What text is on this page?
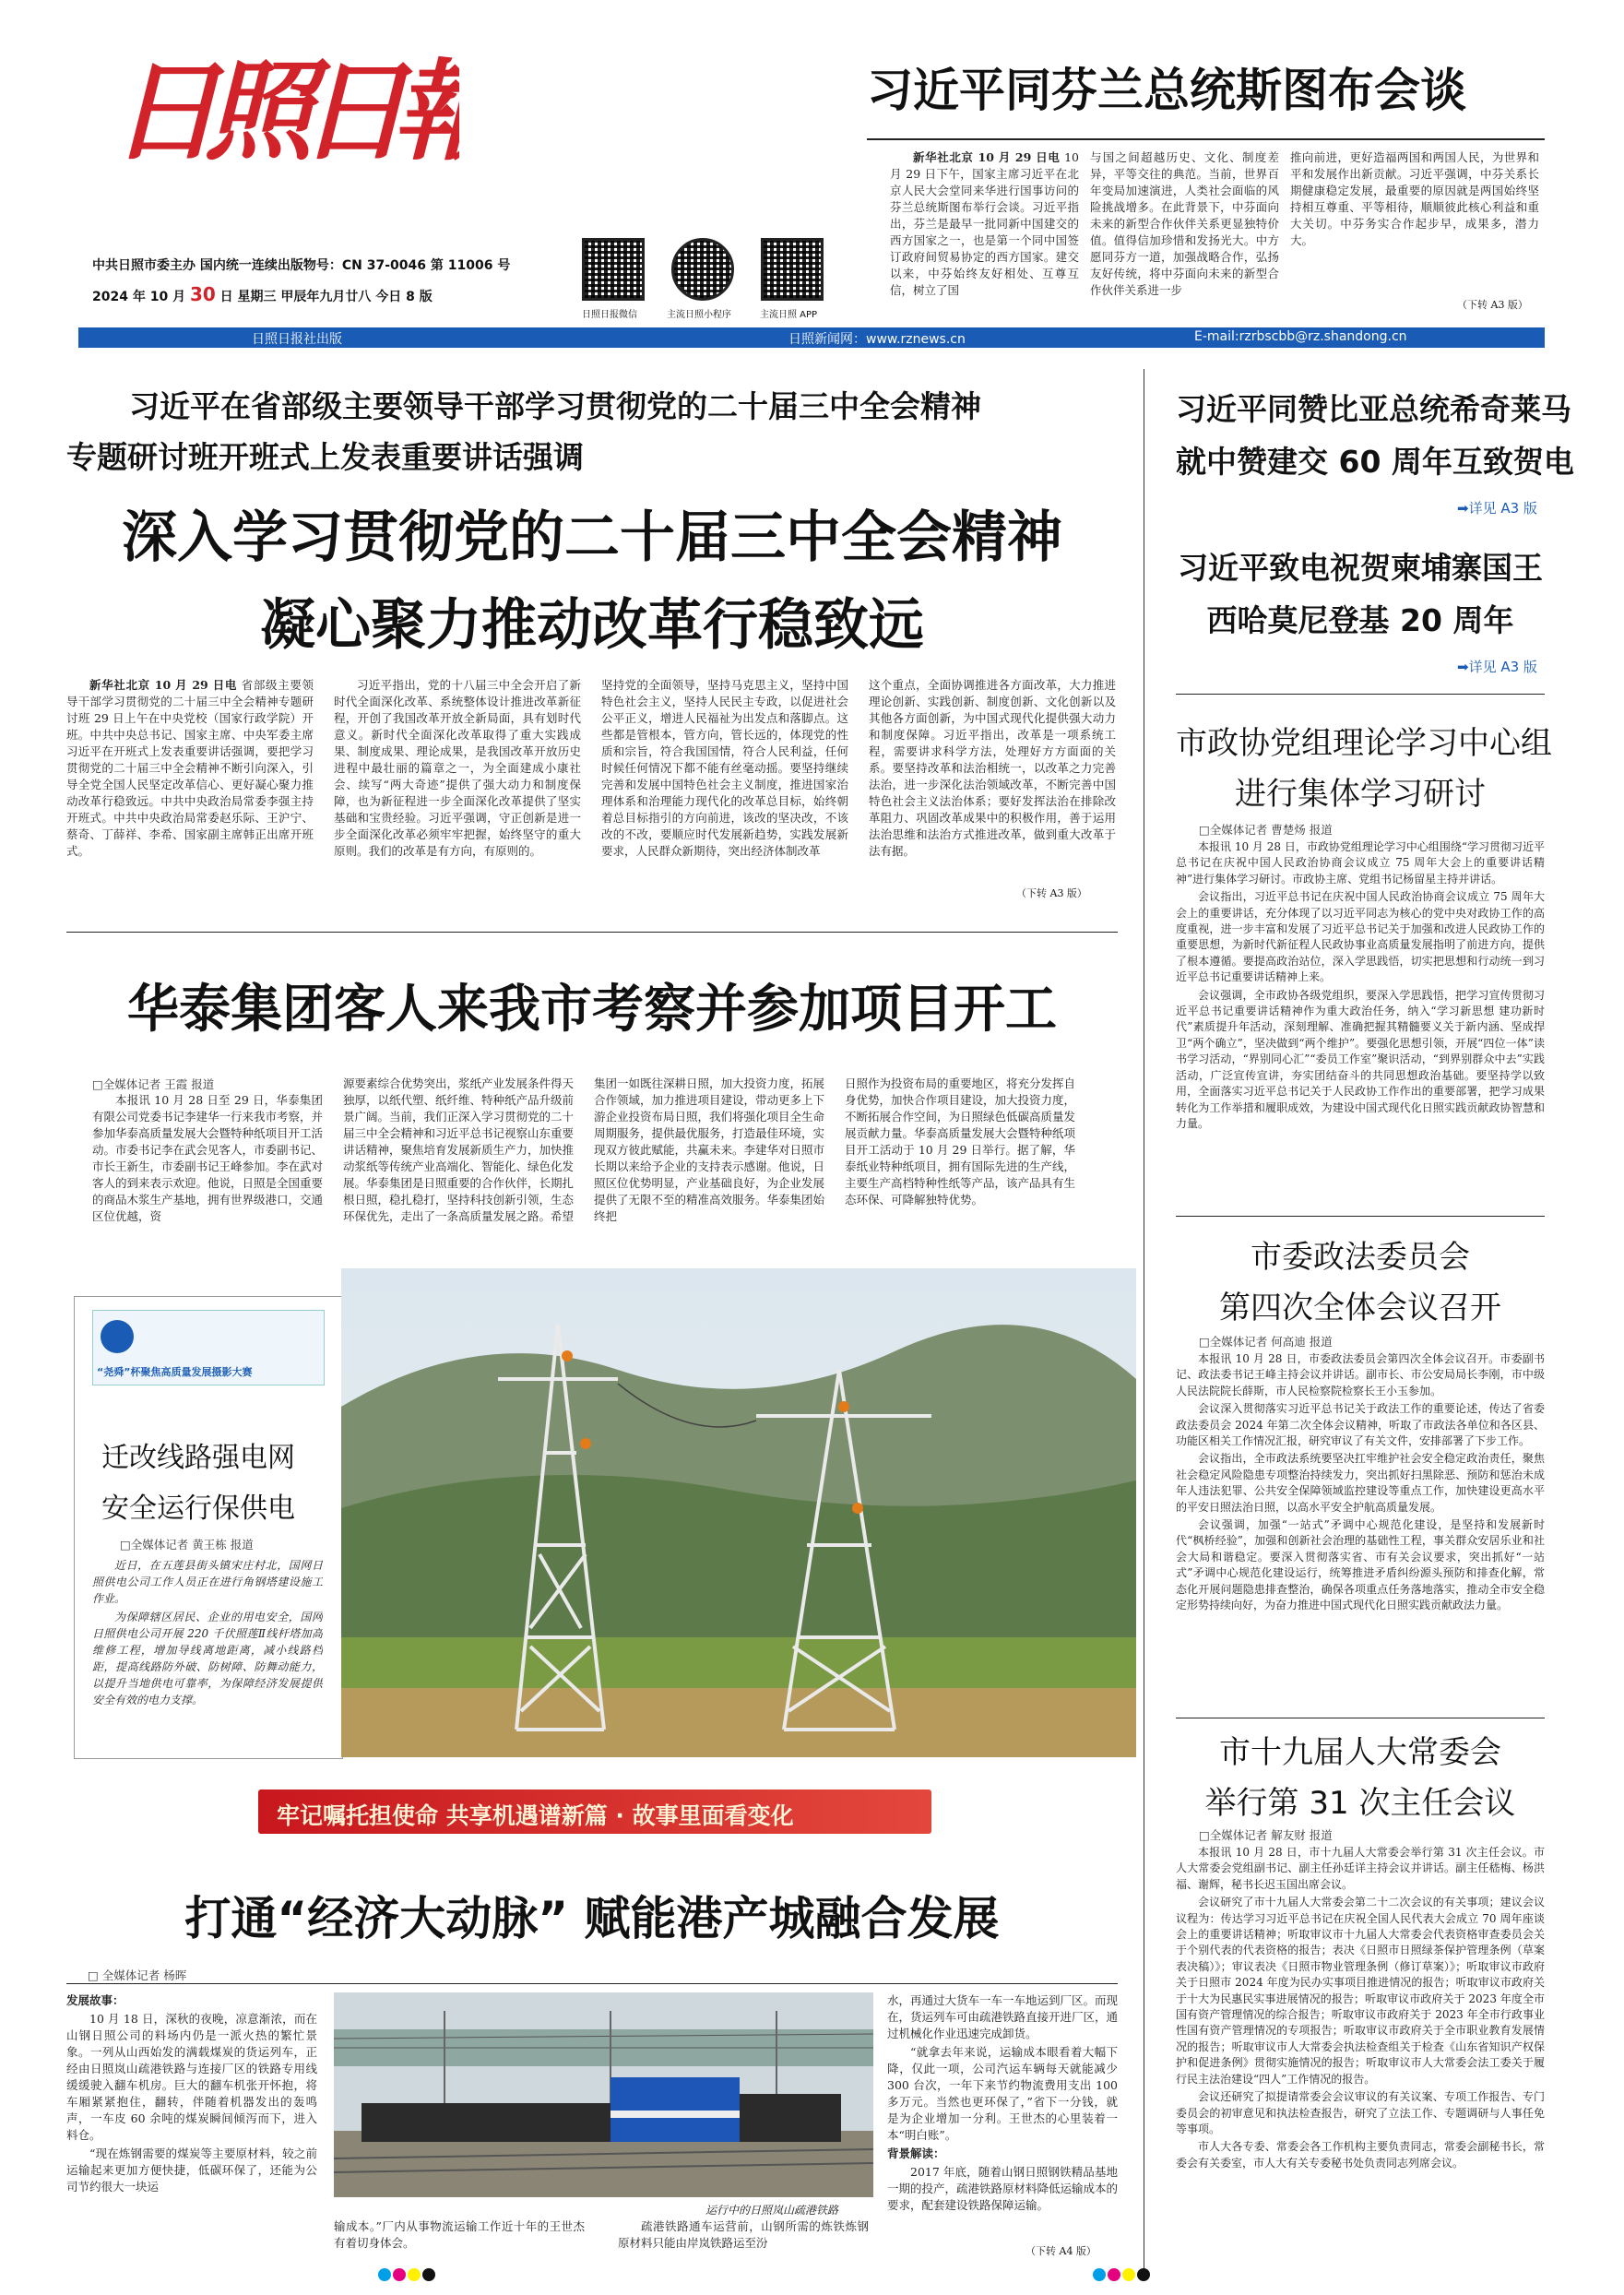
日照日報
中共日照市委主办 国内统一连续出版物号：CN 37-0046 第 11006 号
2024 年 10 月 30 日 星期三 甲辰年九月廿八 今日 8 版
日照日报微信	主流日照小程序	主流日照 APP
习近平同芬兰总统斯图布会谈

新华社北京 10 月 29 日电 10 月 29 日下午，国家主席习近平在北京人民大会堂同来华进行国事访问的芬兰总统斯图布举行会谈。习近平指出，芬兰是最早一批同新中国建交的西方国家之一，也是第一个同中国签订政府间贸易协定的西方国家。建交以来，中芬始终友好相处、互尊互信，树立了国

与国之间超越历史、文化、制度差异，平等交往的典范。当前，世界百年变局加速演进，人类社会面临的风险挑战增多。在此背景下，中芬面向未来的新型合作伙伴关系更显独特价值。值得信加珍惜和发扬光大。中方愿同芬方一道，加强战略合作，弘扬友好传统，将中芬面向未来的新型合作伙伴关系进一步

推向前进，更好造福两国和两国人民，为世界和平和发展作出新贡献。习近平强调，中芬关系长期健康稳定发展，最重要的原因就是两国始终坚持相互尊重、平等相待，顺顺彼此核心利益和重大关切。中芬务实合作起步早，成果多，潜力大。

（下转 A3 版）
日照日报社出版	日照新闻网：www.rznews.cn	E-mail:rzrbscbb@rz.shandong.cn
习近平在省部级主要领导干部学习贯彻党的二十届三中全会精神
专题研讨班开班式上发表重要讲话强调
深入学习贯彻党的二十届三中全会精神
凝心聚力推动改革行稳致远

新华社北京 10 月 29 日电 省部级主要领导干部学习贯彻党的二十届三中全会精神专题研讨班 29 日上午在中央党校（国家行政学院）开班。中共中央总书记、国家主席、中央军委主席习近平在开班式上发表重要讲话强调，要把学习贯彻党的二十届三中全会精神不断引向深入，引导全党全国人民坚定改革信心、更好凝心聚力推动改革行稳致远。中共中央政治局常委李强主持开班式。中共中央政治局常委赵乐际、王沪宁、蔡奇、丁薛祥、李希、国家副主席韩正出席开班式。

习近平指出，党的十八届三中全会开启了新时代全面深化改革、系统整体设计推进改革新征程，开创了我国改革开放全新局面，具有划时代意义。新时代全面深化改革取得了重大实践成果、制度成果、理论成果，是我国改革开放历史进程中最壮丽的篇章之一，为全面建成小康社会、续写“两大奇迹”提供了强大动力和制度保障，也为新征程进一步全面深化改革提供了坚实基础和宝贵经验。习近平强调，守正创新是进一步全面深化改革必须牢牢把握，始终坚守的重大原则。我们的改革是有方向，有原则的。

坚持党的全面领导，坚持马克思主义，坚持中国特色社会主义，坚持人民民主专政，以促进社会公平正义，增进人民福祉为出发点和落脚点。这些都是管根本，管方向，管长远的，体现党的性质和宗旨，符合我国国情，符合人民利益，任何时候任何情况下都不能有丝毫动摇。要坚持继续完善和发展中国特色社会主义制度，推进国家治理体系和治理能力现代化的改革总目标，始终朝着总目标指引的方向前进，该改的坚决改，不该改的不改，要顺应时代发展新趋势，实践发展新要求，人民群众新期待，突出经济体制改革

这个重点，全面协调推进各方面改革，大力推进理论创新、实践创新、制度创新、文化创新以及其他各方面创新，为中国式现代化提供强大动力和制度保障。习近平指出，改革是一项系统工程，需要讲求科学方法，处理好方方面面的关系。要坚持改革和法治相统一，以改革之力完善法治，进一步深化法治领域改革，不断完善中国特色社会主义法治体系；要好发挥法治在排除改革阻力、巩固改革成果中的积极作用，善于运用法治思维和法治方式推进改革，做到重大改革于法有据。

（下转 A3 版）
习近平同赞比亚总统希奇莱马
就中赞建交 60 周年互致贺电
➡详见 A3 版
习近平致电祝贺柬埔寨国王
西哈莫尼登基 20 周年
➡详见 A3 版
市政协党组理论学习中心组
进行集体学习研讨
□全媒体记者 曹楚炀 报道

本报讯 10 月 28 日，市政协党组理论学习中心组围绕“学习贯彻习近平总书记在庆祝中国人民政治协商会议成立 75 周年大会上的重要讲话精神”进行集体学习研讨。市政协主席、党组书记杨留星主持并讲话。

会议指出，习近平总书记在庆祝中国人民政治协商会议成立 75 周年大会上的重要讲话，充分体现了以习近平同志为核心的党中央对政协工作的高度重视，进一步丰富和发展了习近平总书记关于加强和改进人民政协工作的重要思想，为新时代新征程人民政协事业高质量发展指明了前进方向，提供了根本遵循。要提高政治站位，深入学思践悟，切实把思想和行动统一到习近平总书记重要讲话精神上来。

会议强调，全市政协各级党组织，要深入学思践悟，把学习宣传贯彻习近平总书记重要讲话精神作为重大政治任务，纳入“学习新思想 建功新时代”素质提升年活动，深刻理解、准确把握其精髓要义关于新内涵、坚成捍卫“两个确立”，坚决做到“两个维护”。要强化思想引领，开展“四位一体”读书学习活动，“界别同心汇”“委员工作室”聚识活动，“到界别群众中去”实践活动，广泛宣传宣讲，夯实团结奋斗的共同思想政治基础。要坚持学以致用，全面落实习近平总书记关于人民政协工作作出的重要部署，把学习成果转化为工作举措和履职成效，为建设中国式现代化日照实践贡献政协智慧和力量。

市委政法委员会
第四次全体会议召开
□全媒体记者 何高迪 报道

本报讯 10 月 28 日，市委政法委员会第四次全体会议召开。市委副书记、政法委书记王峰主持会议并讲话。副市长、市公安局局长李刚，市中级人民法院院长薛斯，市人民检察院检察长王小玉参加。

会议深入贯彻落实习近平总书记关于政法工作的重要论述，传达了省委政法委员会 2024 年第二次全体会议精神，听取了市政法各单位和各区县、功能区相关工作情况汇报，研究审议了有关文件，安排部署了下步工作。

会议指出，全市政法系统要坚决扛牢维护社会安全稳定政治责任，聚焦社会稳定风险隐患专项整治持续发力，突出抓好扫黑除恶、预防和惩治未成年人违法犯罪、公共安全保障领域监控建设等重点工作，加快建设更高水平的平安日照法治日照，以高水平安全护航高质量发展。

会议强调，加强“一站式”矛调中心规范化建设，是坚持和发展新时代“枫桥经验”，加强和创新社会治理的基础性工程，事关群众安居乐业和社会大局和谐稳定。要深入贯彻落实省、市有关会议要求，突出抓好“一站式”矛调中心规范化建设运行，统筹推进矛盾纠纷源头预防和排查化解，常态化开展问题隐患排查整治，确保各项重点任务落地落实，推动全市安全稳定形势持续向好，为奋力推进中国式现代化日照实践贡献政法力量。

市十九届人大常委会
举行第 31 次主任会议
□全媒体记者 解友财 报道

本报讯 10 月 28 日，市十九届人大常委会举行第 31 次主任会议。市人大常委会党组副书记、副主任孙廷详主持会议并讲话。副主任嵇梅、杨洪福、谢辉，秘书长迟玉国出席会议。

会议研究了市十九届人大常委会第二十二次会议的有关事项；建议会议议程为：传达学习习近平总书记在庆祝全国人民代表大会成立 70 周年座谈会上的重要讲话精神；听取审议市十九届人大常委会代表资格审查委员会关于个别代表的代表资格的报告；表决《日照市日照绿茶保护管理条例（草案表决稿）》；审议表决《日照市物业管理条例（修订草案）》；听取审议市政府关于日照市 2024 年度为民办实事项目推进情况的报告；听取审议市政府关于十大为民惠民实事进展情况的报告；听取审议市政府关于 2023 年度全市国有资产管理情况的综合报告；听取审议市政府关于 2023 年全市行政事业性国有资产管理情况的专项报告；听取审议市政府关于全市职业教育发展情况的报告；听取审议市人大常委会执法检查组关于检查《山东省知识产权保护和促进条例》贯彻实施情况的报告；听取审议市人大常委会法工委关于履行民主法治建设“四人”工作情况的报告。

会议还研究了拟提请常委会会议审议的有关议案、专项工作报告、专门委员会的初审意见和执法检查报告，研究了立法工作、专题调研与人事任免等事项。

市人大各专委、常委会各工作机构主要负责同志，常委会副秘书长，常委会有关委室，市人大有关专委秘书处负责同志列席会议。

华泰集团客人来我市考察并参加项目开工
□全媒体记者 王霞 报道

本报讯 10 月 28 日至 29 日，华泰集团有限公司党委书记李建华一行来我市考察，并参加华泰高质量发展大会暨特种纸项目开工活动。市委书记李在武会见客人，市委副书记、市长王新生，市委副书记王峰参加。李在武对客人的到来表示欢迎。他说，日照是全国重要的商品木浆生产基地，拥有世界级港口，交通区位优越，资

源要素综合优势突出，浆纸产业发展条件得天独厚，以纸代塑、纸纤维、特种纸产品升级前景广阔。当前，我们正深入学习贯彻党的二十届三中全会精神和习近平总书记视察山东重要讲话精神，聚焦培育发展新质生产力，加快推动浆纸等传统产业高端化、智能化、绿色化发展。华泰集团是日照重要的合作伙伴，长期扎根日照，稳扎稳打，坚持科技创新引领，生态环保优先，走出了一条高质量发展之路。希望

集团一如既往深耕日照，加大投资力度，拓展合作领域，加力推进项目建设，带动更多上下游企业投资布局日照，我们将强化项目全生命周期服务，提供最优服务，打造最佳环境，实现双方彼此赋能，共赢未来。李建华对日照市长期以来给予企业的支持表示感谢。他说，日照区位优势明显，产业基础良好，为企业发展提供了无限不至的精准高效服务。华泰集团始终把

日照作为投资布局的重要地区，将充分发挥自身优势，加快合作项目建设，加大投资力度，不断拓展合作空间，为日照绿色低碳高质量发展贡献力量。华泰高质量发展大会暨特种纸项目开工活动于 10 月 29 日举行。据了解，华泰纸业特种纸项目，拥有国际先进的生产线，主要生产高档特种性纸等产品，该产品具有生态环保、可降解独特优势。

“尧舜”杯聚焦高质量发展摄影大赛
迁改线路强电网
安全运行保供电
□全媒体记者 黄王栋 报道

近日，在五莲县街头镇宋庄村北，国网日照供电公司工作人员正在进行角钢塔建设施工作业。

为保障辖区居民、企业的用电安全，国网日照供电公司开展 220 千伏照莲Ⅱ线杆塔加高维修工程，增加导线离地距离，减小线路档距，提高线路防外破、防树障、防舞动能力，以提升当地供电可靠率，为保障经济发展提供安全有效的电力支撑。

牢记嘱托担使命 共享机遇谱新篇 · 故事里面看变化
打通“经济大动脉” 赋能港产城融合发展
□ 全媒体记者 杨晖

发展故事：

10 月 18 日，深秋的夜晚，凉意渐浓，而在山钢日照公司的料场内仍是一派火热的繁忙景象。一列从山西始发的满载煤炭的货运列车，正经由日照岚山疏港铁路与连接厂区的铁路专用线缓缓驶入翻车机房。巨大的翻车机张开怀抱，将车厢紧紧抱住，翻转，伴随着机器发出的轰鸣声，一车皮 60 余吨的煤炭瞬间倾泻而下，进入料仓。

“现在炼钢需要的煤炭等主要原材料，较之前运输起来更加方便快捷，低碳环保了，还能为公司节约很大一块运

运行中的日照岚山疏港铁路

输成本。”厂内从事物流运输工作近十年的王世杰有着切身体会。

疏港铁路通车运营前，山钢所需的炼铁炼钢原材料只能由岸岚铁路运至汾

水，再通过大货车一车一车地运到厂区。而现在，货运列车可由疏港铁路直接开进厂区，通过机械化作业迅速完成卸货。

“就拿去年来说，运输成本眼看着大幅下降，仅此一项，公司汽运车辆每天就能减少 300 台次，一年下来节约物流费用支出 100 多万元。当然也更环保了，”省下一分钱，就是为企业增加一分利。王世杰的心里装着一本“明白账”。

背景解读：

2017 年底，随着山钢日照钢铁精品基地一期的投产，疏港铁路原材料降低运输成本的要求，配套建设铁路保障运输。

（下转 A4 版）
